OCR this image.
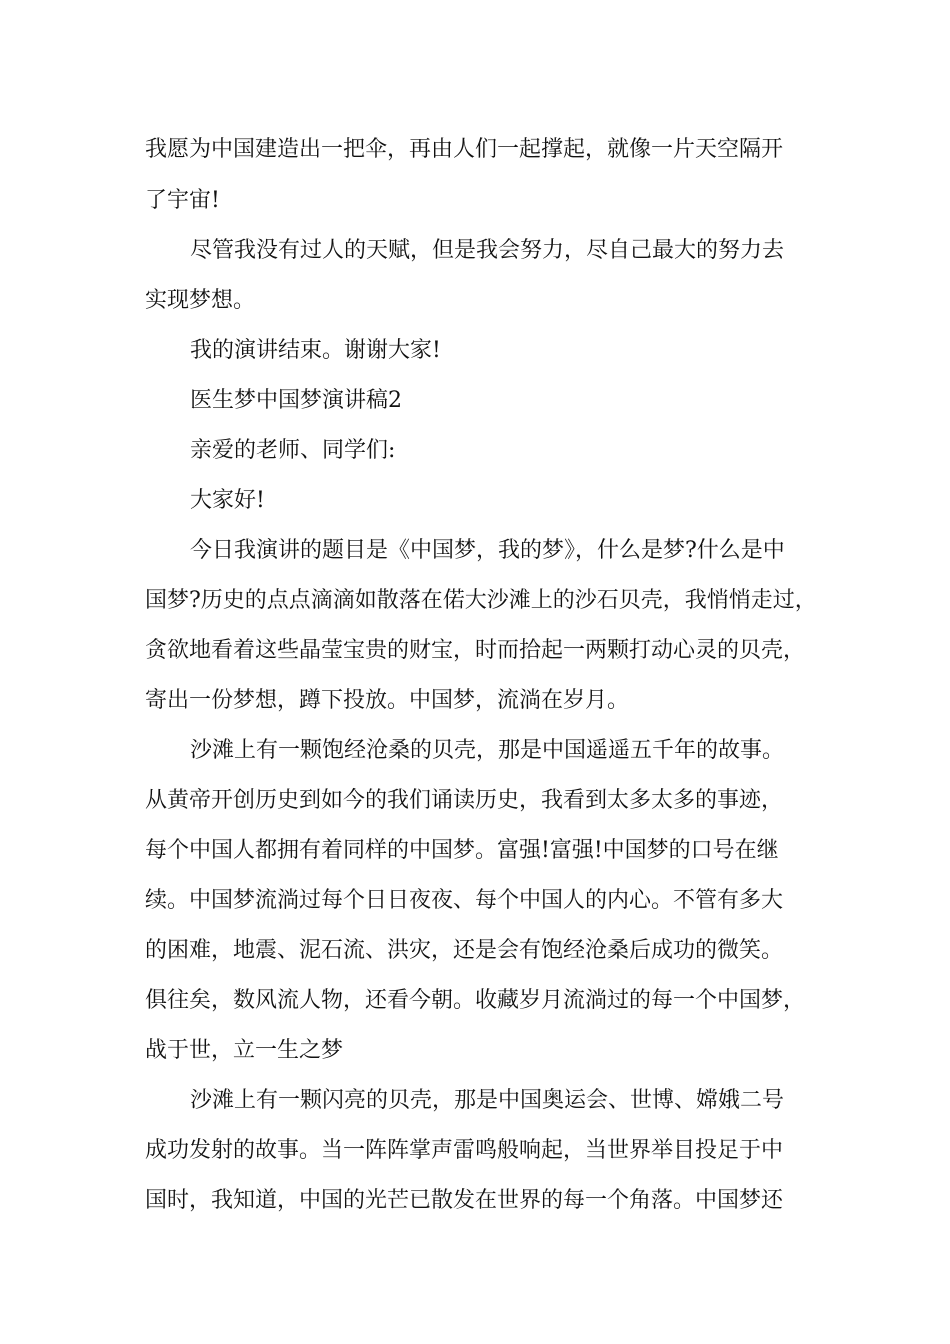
我愿为中国建造出一把伞，再由人们一起撑起，就像一片天空隔开
了宇宙!
尽管我没有过人的天赋，但是我会努力，尽自己最大的努力去
实现梦想。
我的演讲结束。谢谢大家!
医生梦中国梦演讲稿2
亲爱的老师、同学们:
大家好!
今日我演讲的题目是《中国梦，我的梦》，什么是梦?什么是中
国梦?历史的点点滴滴如散落在偌大沙滩上的沙石贝壳，我悄悄走过，
贪欲地看着这些晶莹宝贵的财宝，时而拾起一两颗打动心灵的贝壳，
寄出一份梦想，蹲下投放。中国梦，流淌在岁月。
沙滩上有一颗饱经沧桑的贝壳，那是中国遥遥五千年的故事。
从黄帝开创历史到如今的我们诵读历史，我看到太多太多的事迹，
每个中国人都拥有着同样的中国梦。富强!富强!中国梦的口号在继
续。中国梦流淌过每个日日夜夜、每个中国人的内心。不管有多大
的困难，地震、泥石流、洪灾，还是会有饱经沧桑后成功的微笑。
俱往矣，数风流人物，还看今朝。收藏岁月流淌过的每一个中国梦，
战于世，立一生之梦
沙滩上有一颗闪亮的贝壳，那是中国奥运会、世博、嫦娥二号
成功发射的故事。当一阵阵掌声雷鸣般响起，当世界举目投足于中
国时，我知道，中国的光芒已散发在世界的每一个角落。中国梦还
